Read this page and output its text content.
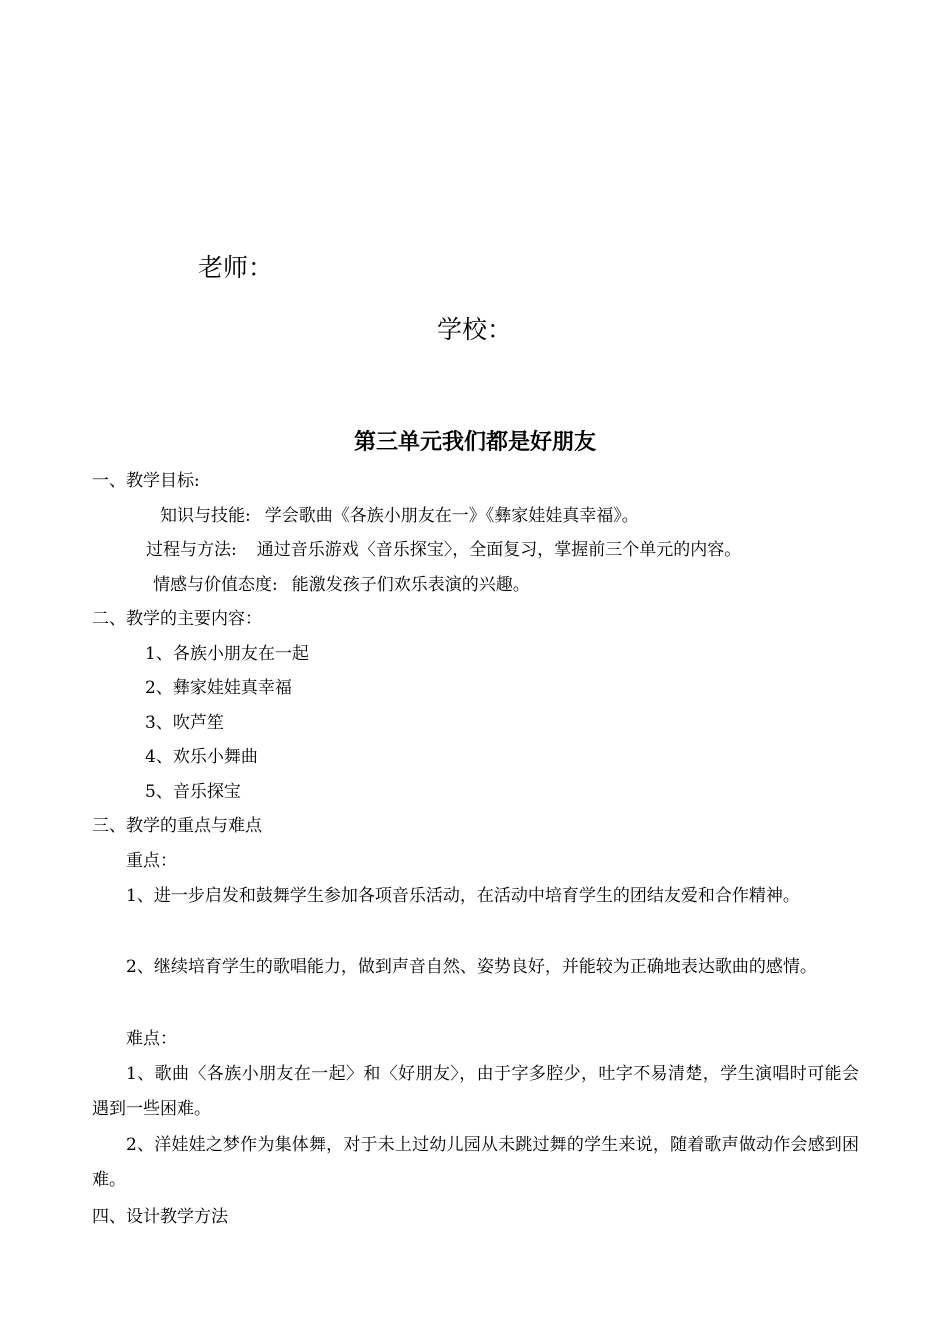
老师：
学校：
第三单元我们都是好朋友
一、教学目标:
知识与技能: 学会歌曲《各族小朋友在一》《彝家娃娃真幸福》。
过程与方法: 通过音乐游戏〈音乐探宝〉，全面复习，掌握前三个单元的内容。
情感与价值态度: 能激发孩子们欢乐表演的兴趣。
二、教学的主要内容：
1、各族小朋友在一起
2、彝家娃娃真幸福
3、吹芦笙
4、欢乐小舞曲
5、音乐探宝
三、教学的重点与难点
重点：
1、进一步启发和鼓舞学生参加各项音乐活动，在活动中培育学生的团结友爱和合作精神。
2、继续培育学生的歌唱能力，做到声音自然、姿势良好，并能较为正确地表达歌曲的感情。
难点：
1、歌曲〈各族小朋友在一起〉和〈好朋友〉，由于字多腔少，吐字不易清楚，学生演唱时可能会遇到一些困难。
2、洋娃娃之梦作为集体舞，对于未上过幼儿园从未跳过舞的学生来说，随着歌声做动作会感到困难。
四、设计教学方法
